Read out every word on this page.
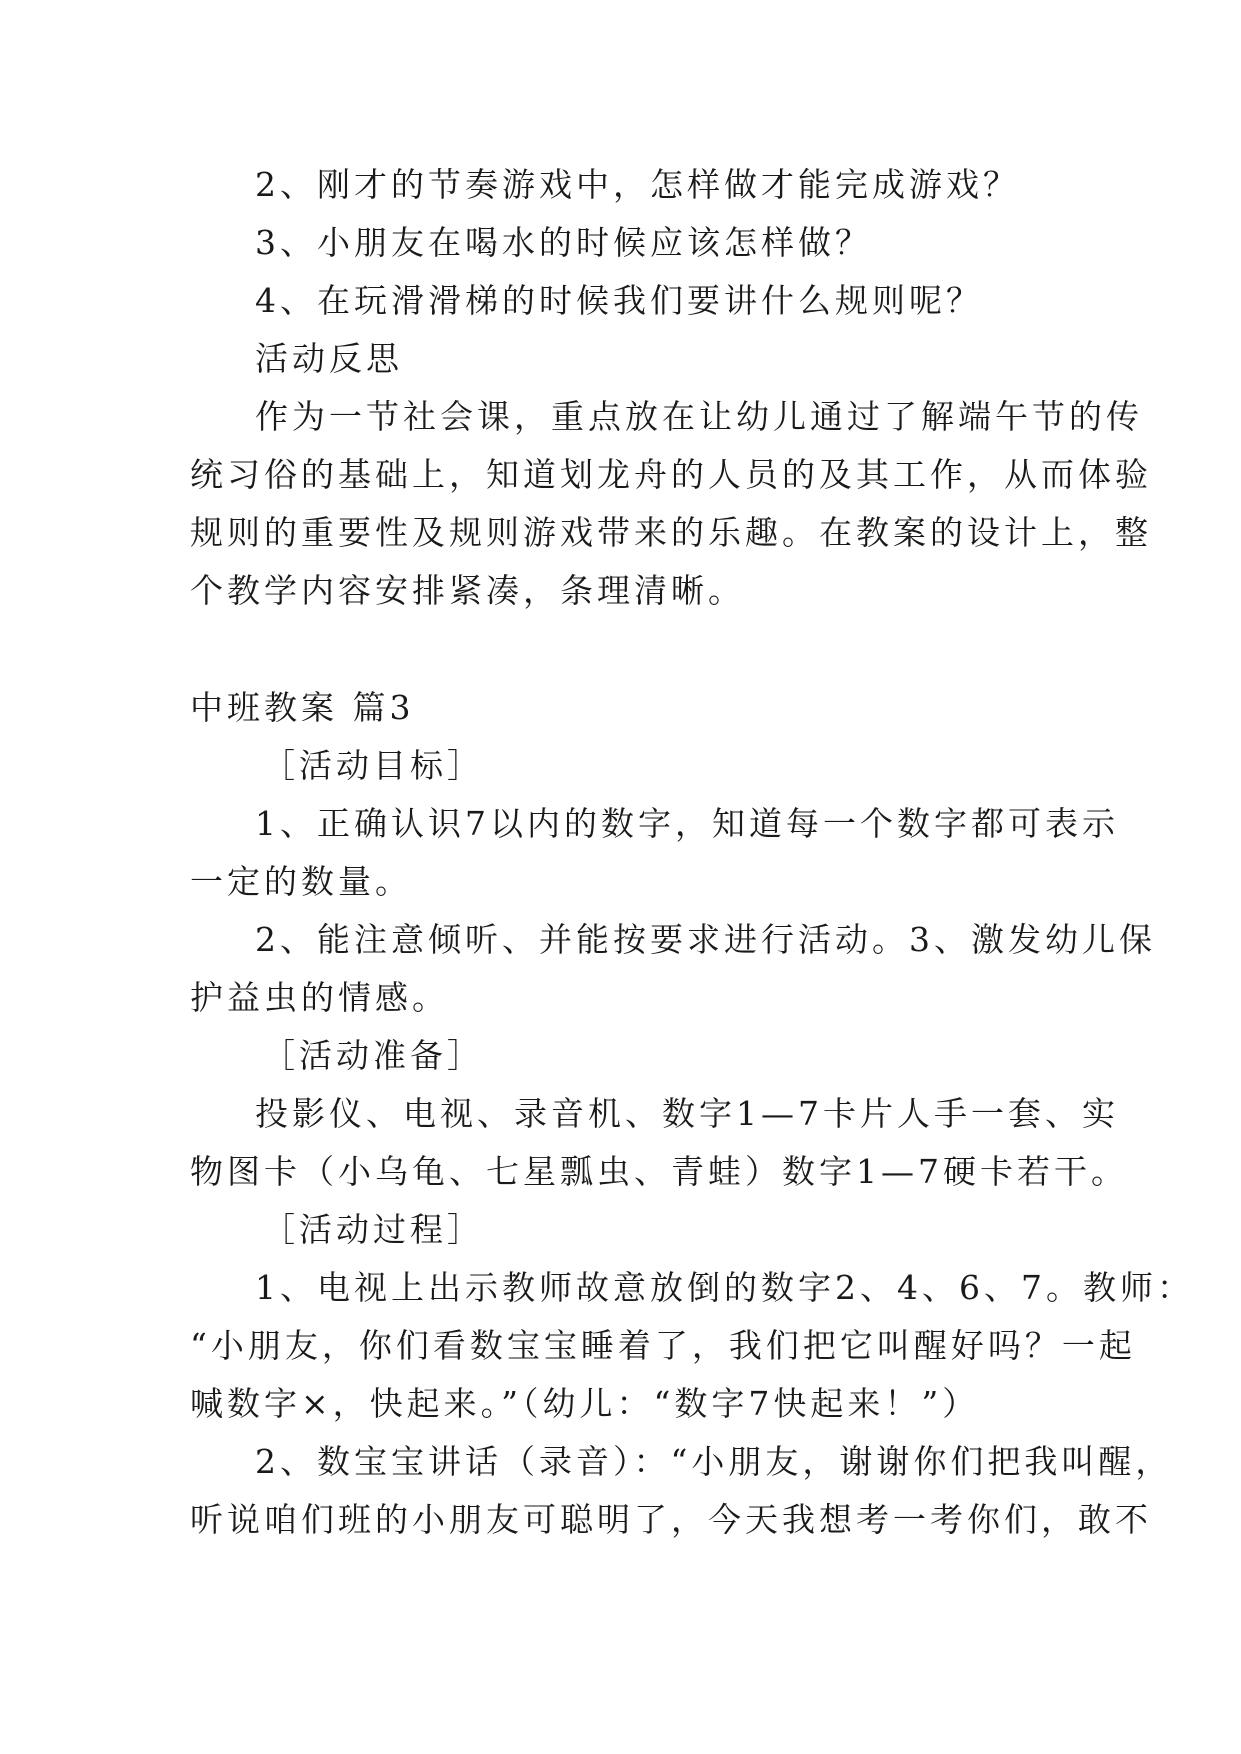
2、刚才的节奏游戏中，怎样做才能完成游戏？

3、小朋友在喝水的时候应该怎样做？

4、在玩滑滑梯的时候我们要讲什么规则呢？

活动反思

作为一节社会课，重点放在让幼儿通过了解端午节的传

统习俗的基础上，知道划龙舟的人员的及其工作，从而体验

规则的重要性及规则游戏带来的乐趣。在教案的设计上，整

个教学内容安排紧凑，条理清晰。

中班教案 篇3

［活动目标］

1、正确认识7以内的数字，知道每一个数字都可表示

一定的数量。

2、能注意倾听、并能按要求进行活动。3、激发幼儿保

护益虫的情感。

［活动准备］

投影仪、电视、录音机、数字1—7卡片人手一套、实

物图卡（小乌龟、七星瓢虫、青蛙）数字1—7硬卡若干。

［活动过程］

1、电视上出示教师故意放倒的数字2、4、6、7。教师：

“小朋友，你们看数宝宝睡着了，我们把它叫醒好吗？一起

喊数字×，快起来。”（幼儿：“数字7快起来！”）

2、数宝宝讲话（录音）：“小朋友，谢谢你们把我叫醒，

听说咱们班的小朋友可聪明了，今天我想考一考你们，敢不
